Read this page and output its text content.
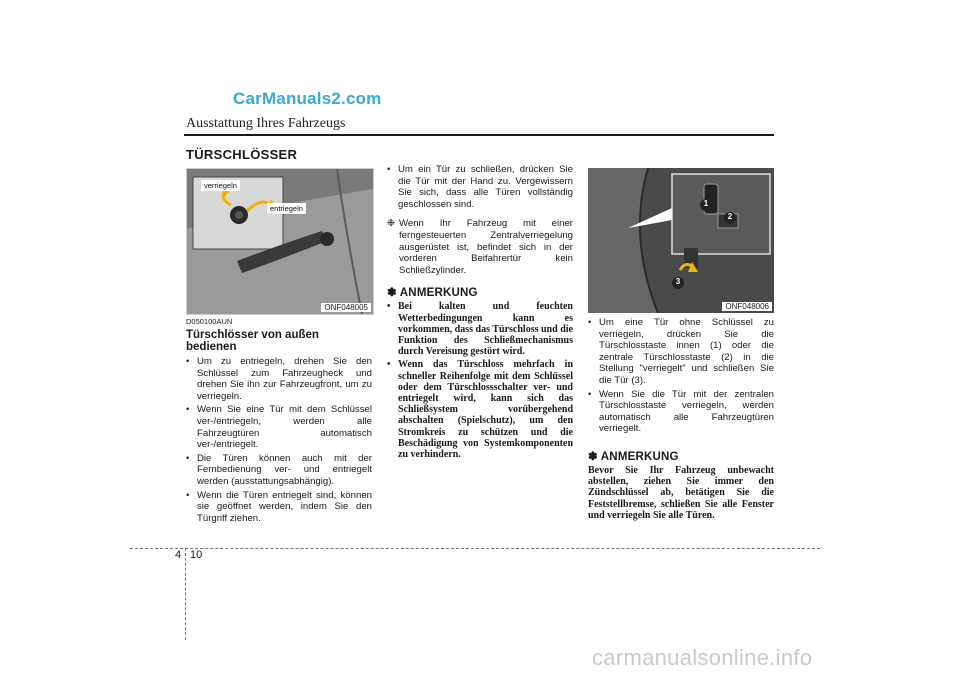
CarManuals2.com
Ausstattung Ihres Fahrzeugs
TÜRSCHLÖSSER
verriegeln
entriegeln
ONF048005
D050100AUN
Türschlösser von außen bedienen
• Um zu entriegeln, drehen Sie den Schlüssel zum Fahrzeugheck und drehen Sie ihn zur Fahrzeugfront, um zu verriegeln.
• Wenn Sie eine Tür mit dem Schlüssel ver-/entriegeln, werden alle Fahrzeugtüren automatisch ver-/entriegelt.
• Die Türen können auch mit der Fernbedienung ver- und entriegelt werden (ausstattungsabhängig).
• Wenn die Türen entriegelt sind, können sie geöffnet werden, indem Sie den Türgriff ziehen.
• Um ein Tür zu schließen, drücken Sie die Tür mit der Hand zu. Vergewissern Sie sich, dass alle Türen vollständig geschlossen sind.
❉ Wenn Ihr Fahrzeug mit einer ferngesteuerten Zentralverriegelung ausgerüstet ist, befindet sich in der vorderen Beifahrertür kein Schließzylinder.
✽ ANMERKUNG
• Bei kalten und feuchten Wetterbedingungen kann es vorkommen, dass das Türschloss und die Funktion des Schließmechanismus durch Vereisung gestört wird.
• Wenn das Türschloss mehrfach in schneller Reihenfolge mit dem Schlüssel oder dem Türschlossschalter ver- und entriegelt wird, kann sich das Schließsystem vorübergehend abschalten (Spielschutz), um den Stromkreis zu schützen und die Beschädigung von Systemkomponenten zu verhindern.
1
2
3
ONF048006
• Um eine Tür ohne Schlüssel zu verriegeln, drücken Sie die Türschlosstaste innen (1) oder die zentrale Türschlosstaste (2) in die Stellung "verriegelt" und schließen Sie die Tür (3).
• Wenn Sie die Tür mit der zentralen Türschlosstaste verriegeln, werden automatisch alle Fahrzeugtüren verriegelt.
✽ ANMERKUNG
Bevor Sie Ihr Fahrzeug unbewacht abstellen, ziehen Sie immer den Zündschlüssel ab, betätigen Sie die Feststellbremse, schließen Sie alle Fenster und verriegeln Sie alle Türen.
4 10
carmanualsonline.info
